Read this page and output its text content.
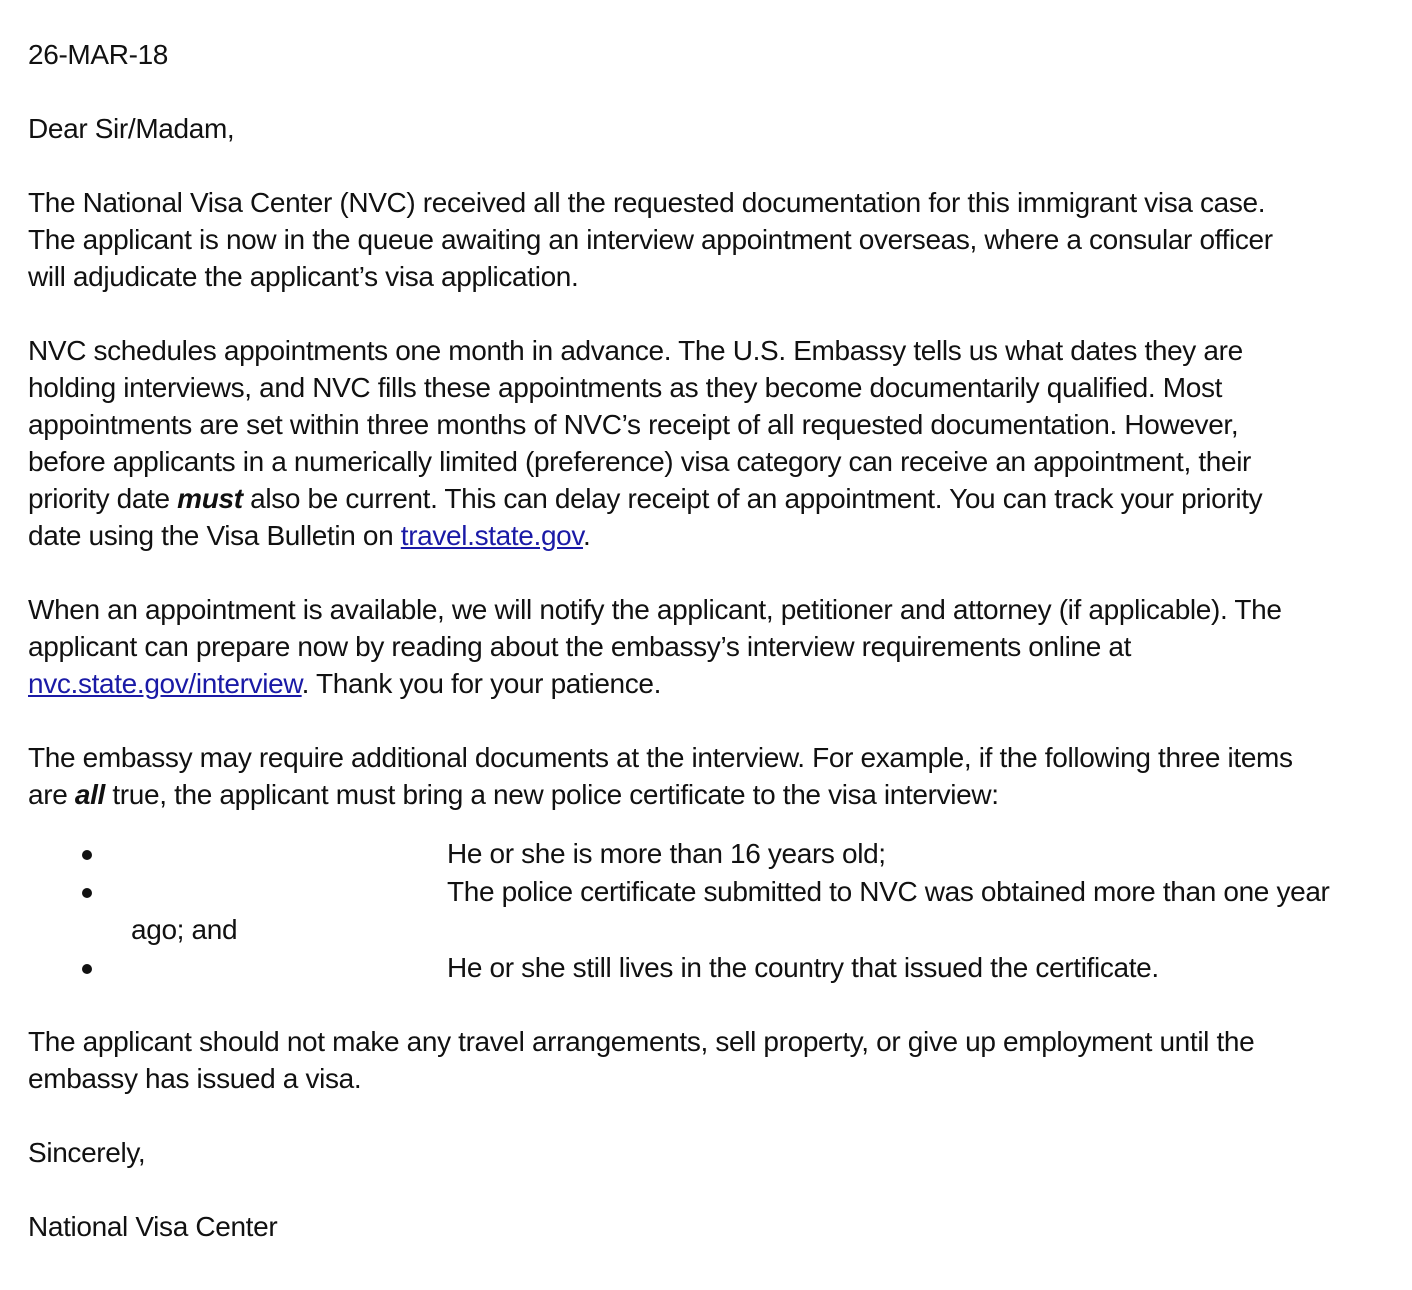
26-MAR-18

Dear Sir/Madam,

The National Visa Center (NVC) received all the requested documentation for this immigrant visa case.
The applicant is now in the queue awaiting an interview appointment overseas, where a consular officer
will adjudicate the applicant’s visa application.

NVC schedules appointments one month in advance. The U.S. Embassy tells us what dates they are
holding interviews, and NVC fills these appointments as they become documentarily qualified. Most
appointments are set within three months of NVC’s receipt of all requested documentation. However,
before applicants in a numerically limited (preference) visa category can receive an appointment, their
priority date must also be current. This can delay receipt of an appointment. You can track your priority
date using the Visa Bulletin on travel.state.gov.

When an appointment is available, we will notify the applicant, petitioner and attorney (if applicable). The
applicant can prepare now by reading about the embassy’s interview requirements online at
nvc.state.gov/interview. Thank you for your patience.

The embassy may require additional documents at the interview. For example, if the following three items
are all true, the applicant must bring a new police certificate to the visa interview:

He or she is more than 16 years old;
The police certificate submitted to NVC was obtained more than one year
ago; and
He or she still lives in the country that issued the certificate.

The applicant should not make any travel arrangements, sell property, or give up employment until the
embassy has issued a visa.

Sincerely,

National Visa Center
